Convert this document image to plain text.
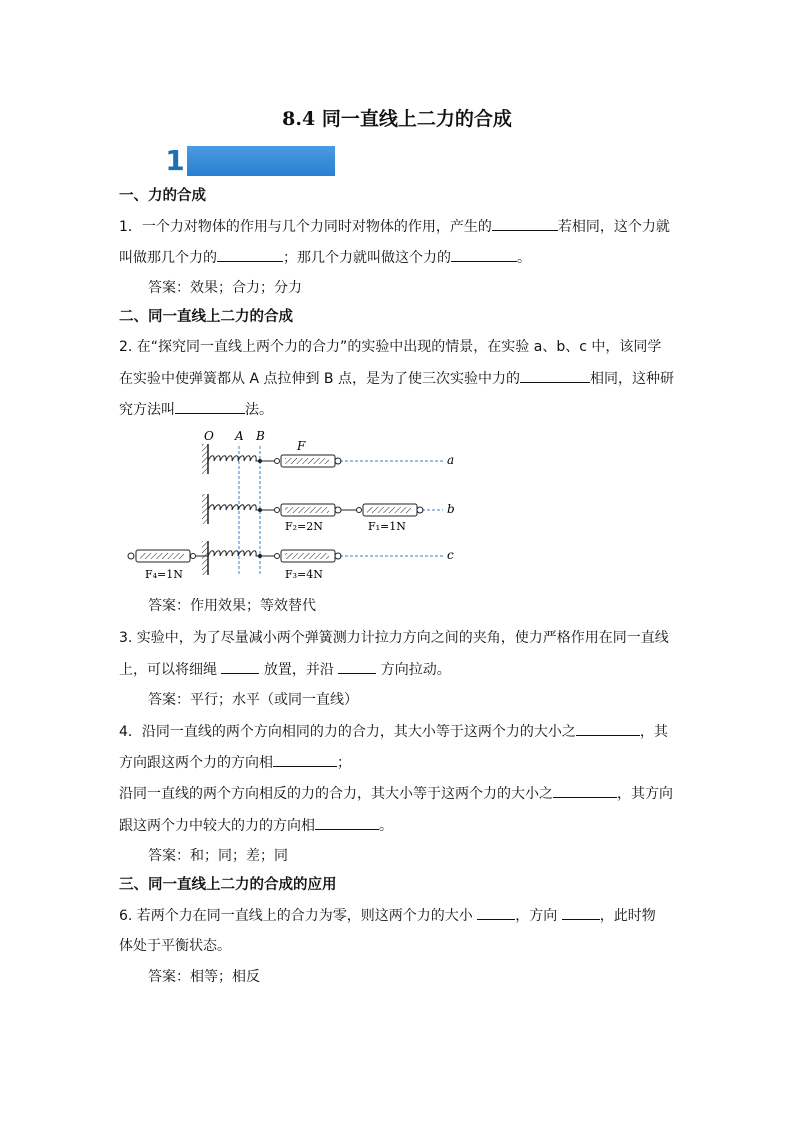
8.4 同一直线上二力的合成
1
一、力的合成
1．一个力对物体的作用与几个力同时对物体的作用，产生的	若相同，这个力就
叫做那几个力的	；那几个力就叫做这个力的	。
答案：效果；合力；分力
二、同一直线上二力的合成
2. 在“探究同一直线上两个力的合力”的实验中出现的情景，在实验 a、b、c 中，该同学
在实验中使弹簧都从 A 点拉伸到 B 点，是为了使三次实验中力的	相同，这种研
究方法叫	法。
O A B
F
a
b
F₂=2N	F₁=1N
c
F₄=1N	F₃=4N
答案：作用效果；等效替代
3. 实验中，为了尽量减小两个弹簧测力计拉力方向之间的夹角，使力严格作用在同一直线
上，可以将细绳	放置，并沿	方向拉动。
答案：平行；水平（或同一直线）
4．沿同一直线的两个方向相同的力的合力，其大小等于这两个力的大小之	，其
方向跟这两个力的方向相	；
沿同一直线的两个方向相反的力的合力，其大小等于这两个力的大小之	，其方向
跟这两个力中较大的力的方向相	。
答案：和；同；差；同
三、同一直线上二力的合成的应用
6. 若两个力在同一直线上的合力为零，则这两个力的大小	，方向	，此时物
体处于平衡状态。
答案：相等；相反
